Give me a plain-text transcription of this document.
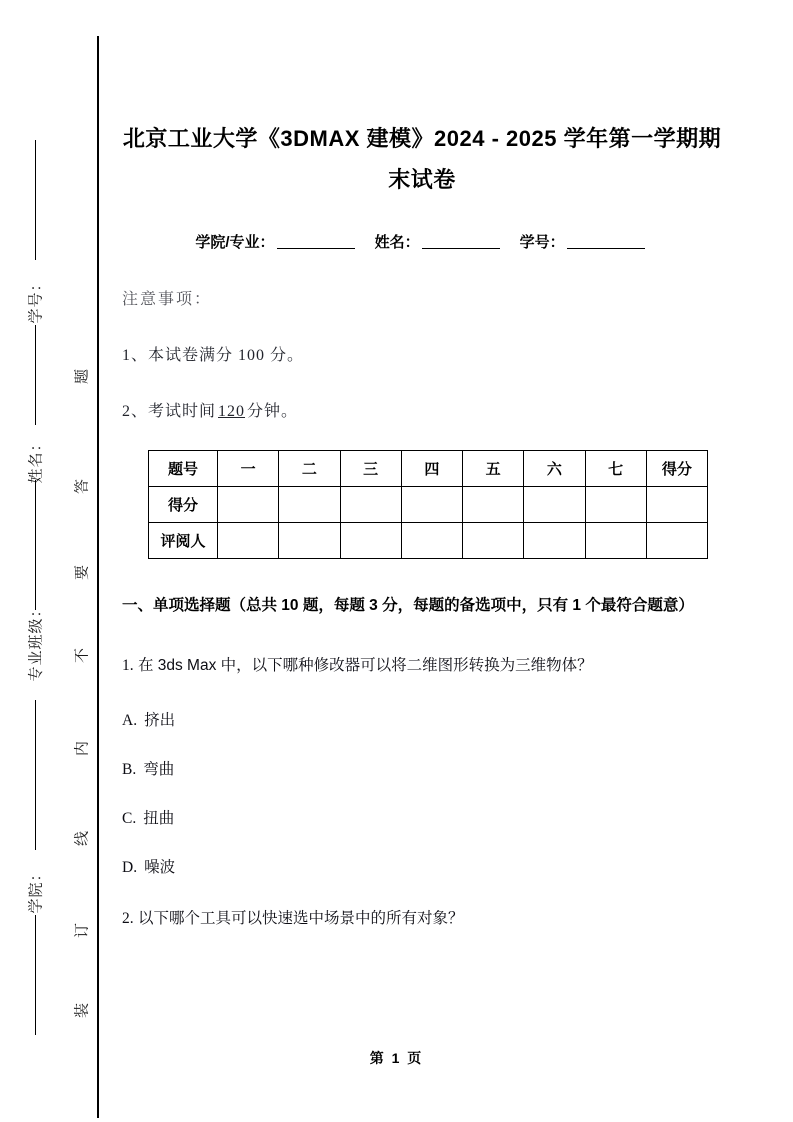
学号：
姓名：
专业班级：
学院：
题
答
要
不
内
线
订
装
北京工业大学《3DMAX 建模》2024 - 2025 学年第一学期期末试卷
学院/专业：	姓名：	学号：
注意事项：
1、本试卷满分 100 分。
2、考试时间 120 分钟。
题号	一	二	三	四	五	六	七	得分
得分								
评阅人								
一、单项选择题（总共 10 题，每题 3 分，每题的备选项中，只有 1 个最符合题意）
1. 在 3ds Max 中，以下哪种修改器可以将二维图形转换为三维物体？
A. 挤出
B. 弯曲
C. 扭曲
D. 噪波
2. 以下哪个工具可以快速选中场景中的所有对象？
第 1 页
